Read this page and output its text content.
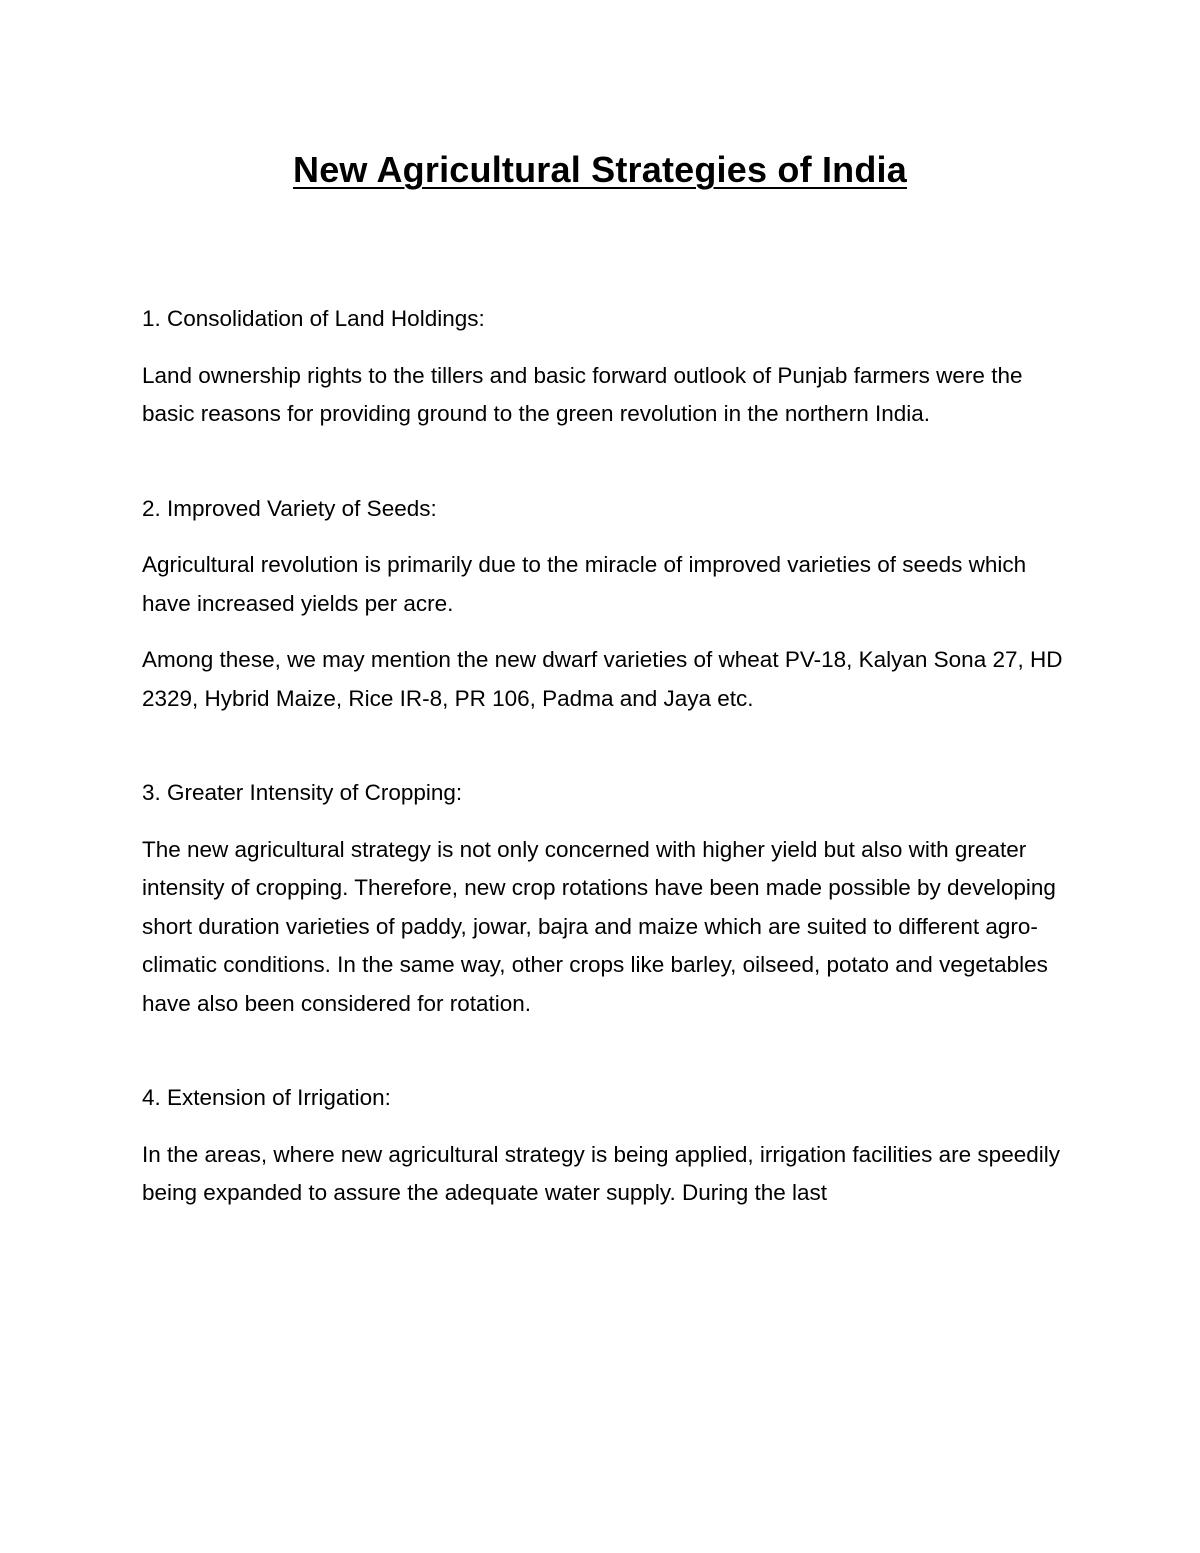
New Agricultural Strategies of India

1. Consolidation of Land Holdings:

Land ownership rights to the tillers and basic forward outlook of Punjab farmers were the basic reasons for providing ground to the green revolution in the northern India.

2. Improved Variety of Seeds:

Agricultural revolution is primarily due to the miracle of improved varieties of seeds which have increased yields per acre.

Among these, we may mention the new dwarf varieties of wheat PV-18, Kalyan Sona 27, HD 2329, Hybrid Maize, Rice IR-8, PR 106, Padma and Jaya etc.

3. Greater Intensity of Cropping:

The new agricultural strategy is not only concerned with higher yield but also with greater intensity of cropping. Therefore, new crop rotations have been made possible by developing short duration varieties of paddy, jowar, bajra and maize which are suited to different agro-climatic conditions. In the same way, other crops like barley, oilseed, potato and vegetables have also been considered for rotation.

4. Extension of Irrigation:

In the areas, where new agricultural strategy is being applied, irrigation facilities are speedily being expanded to assure the adequate water supply. During the last
